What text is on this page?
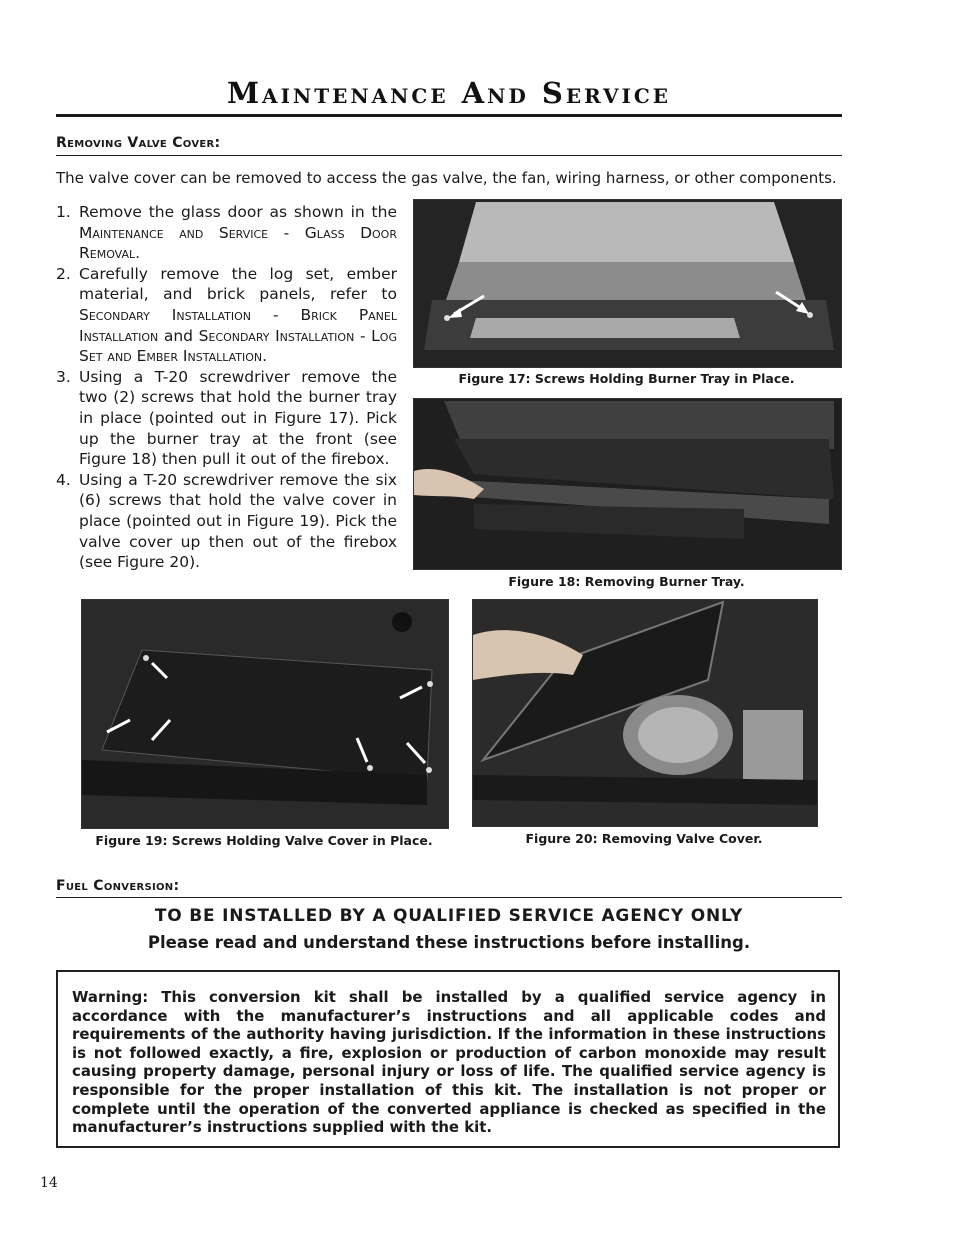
Maintenance And Service
Removing Valve Cover:
The valve cover can be removed to access the gas valve, the fan, wiring harness, or other components.
1. Remove the glass door as shown in the Maintenance and Service - Glass Door Removal.
2. Carefully remove the log set, ember material, and brick panels, refer to Secondary Installation - Brick Panel Installation and Secondary Installation - Log Set and Ember Installation.
3. Using a T-20 screwdriver remove the two (2) screws that hold the burner tray in place (pointed out in Figure 17). Pick up the burner tray at the front (see Figure 18) then pull it out of the firebox.
4. Using a T-20 screwdriver remove the six (6) screws that hold the valve cover in place (pointed out in Figure 19). Pick the valve cover up then out of the firebox (see Figure 20).
Figure 17: Screws Holding Burner Tray in Place.
Figure 18: Removing Burner Tray.
Figure 19: Screws Holding Valve Cover in Place.	Figure 20: Removing Valve Cover.
Fuel Conversion:
TO BE INSTALLED BY A QUALIFIED SERVICE AGENCY ONLY
Please read and understand these instructions before installing.

Warning: This conversion kit shall be installed by a qualified service agency in accordance with the manufacturer’s instructions and all applicable codes and requirements of the authority having jurisdiction. If the information in these instructions is not followed exactly, a fire, explosion or production of carbon monoxide may result causing property damage, personal injury or loss of life. The qualified service agency is responsible for the proper installation of this kit. The installation is not proper or complete until the operation of the converted appliance is checked as specified in the manufacturer’s instructions supplied with the kit.

14
